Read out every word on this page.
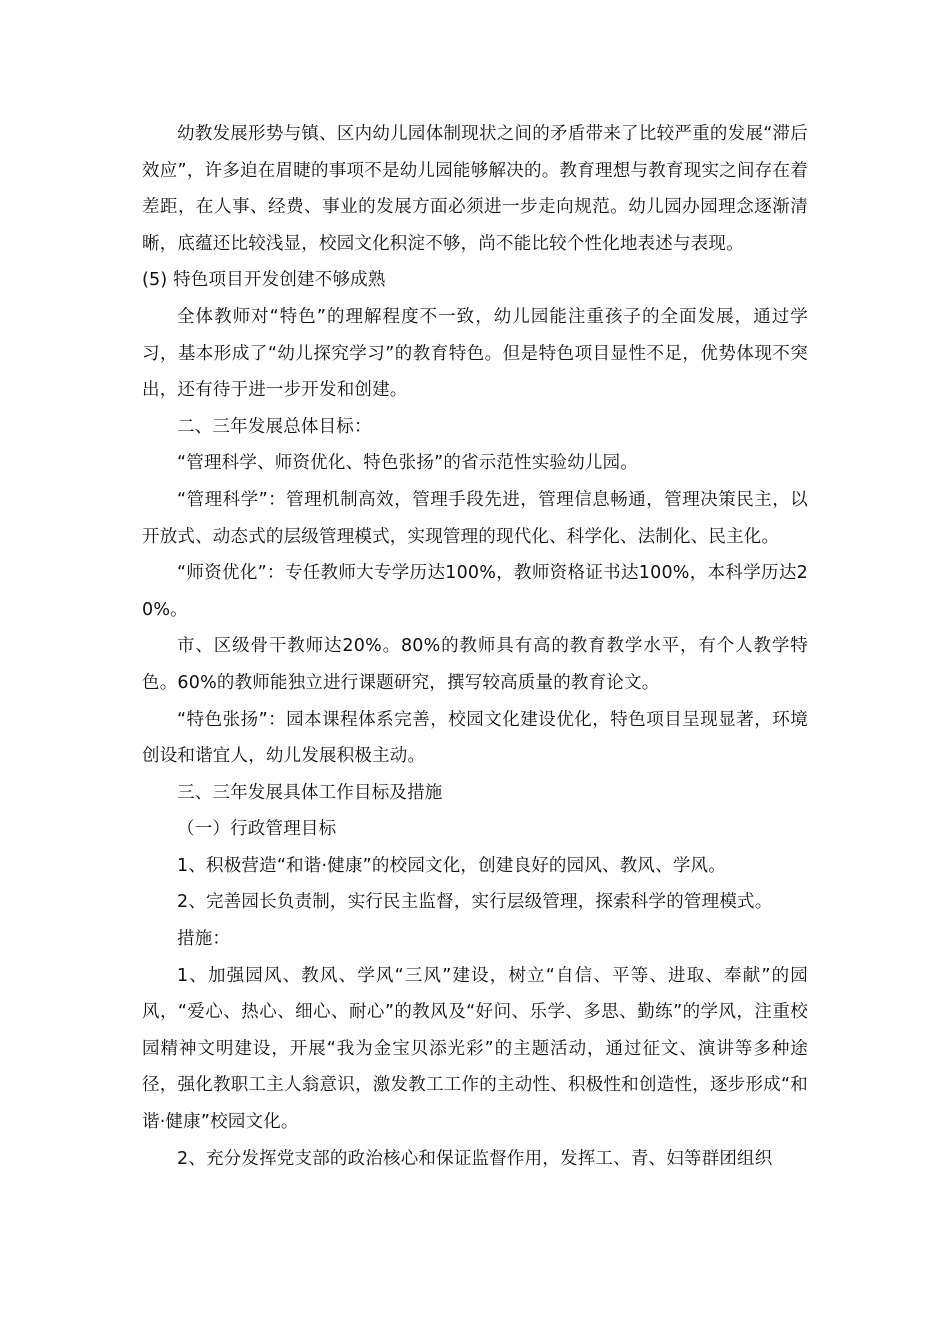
幼教发展形势与镇、区内幼儿园体制现状之间的矛盾带来了比较严重的发展“滞后效应”，许多迫在眉睫的事项不是幼儿园能够解决的。教育理想与教育现实之间存在着差距，在人事、经费、事业的发展方面必须进一步走向规范。幼儿园办园理念逐渐清晰，底蕴还比较浅显，校园文化积淀不够，尚不能比较个性化地表述与表现。

(5) 特色项目开发创建不够成熟

全体教师对“特色”的理解程度不一致，幼儿园能注重孩子的全面发展，通过学习，基本形成了“幼儿探究学习”的教育特色。但是特色项目显性不足，优势体现不突出，还有待于进一步开发和创建。

二、三年发展总体目标：

“管理科学、师资优化、特色张扬”的省示范性实验幼儿园。

“管理科学”：管理机制高效，管理手段先进，管理信息畅通，管理决策民主，以开放式、动态式的层级管理模式，实现管理的现代化、科学化、法制化、民主化。

“师资优化”：专任教师大专学历达100%，教师资格证书达100%，本科学历达20%。

市、区级骨干教师达20%。80%的教师具有高的教育教学水平，有个人教学特色。60%的教师能独立进行课题研究，撰写较高质量的教育论文。

“特色张扬”：园本课程体系完善，校园文化建设优化，特色项目呈现显著，环境创设和谐宜人，幼儿发展积极主动。

三、三年发展具体工作目标及措施

（一）行政管理目标

1、积极营造“和谐·健康”的校园文化，创建良好的园风、教风、学风。

2、完善园长负责制，实行民主监督，实行层级管理，探索科学的管理模式。

措施：

1、加强园风、教风、学风“三风”建设，树立“自信、平等、进取、奉献”的园风，“爱心、热心、细心、耐心”的教风及“好问、乐学、多思、勤练”的学风，注重校园精神文明建设，开展“我为金宝贝添光彩”的主题活动，通过征文、演讲等多种途径，强化教职工主人翁意识，激发教工工作的主动性、积极性和创造性，逐步形成“和谐·健康”校园文化。

2、充分发挥党支部的政治核心和保证监督作用，发挥工、青、妇等群团组织
